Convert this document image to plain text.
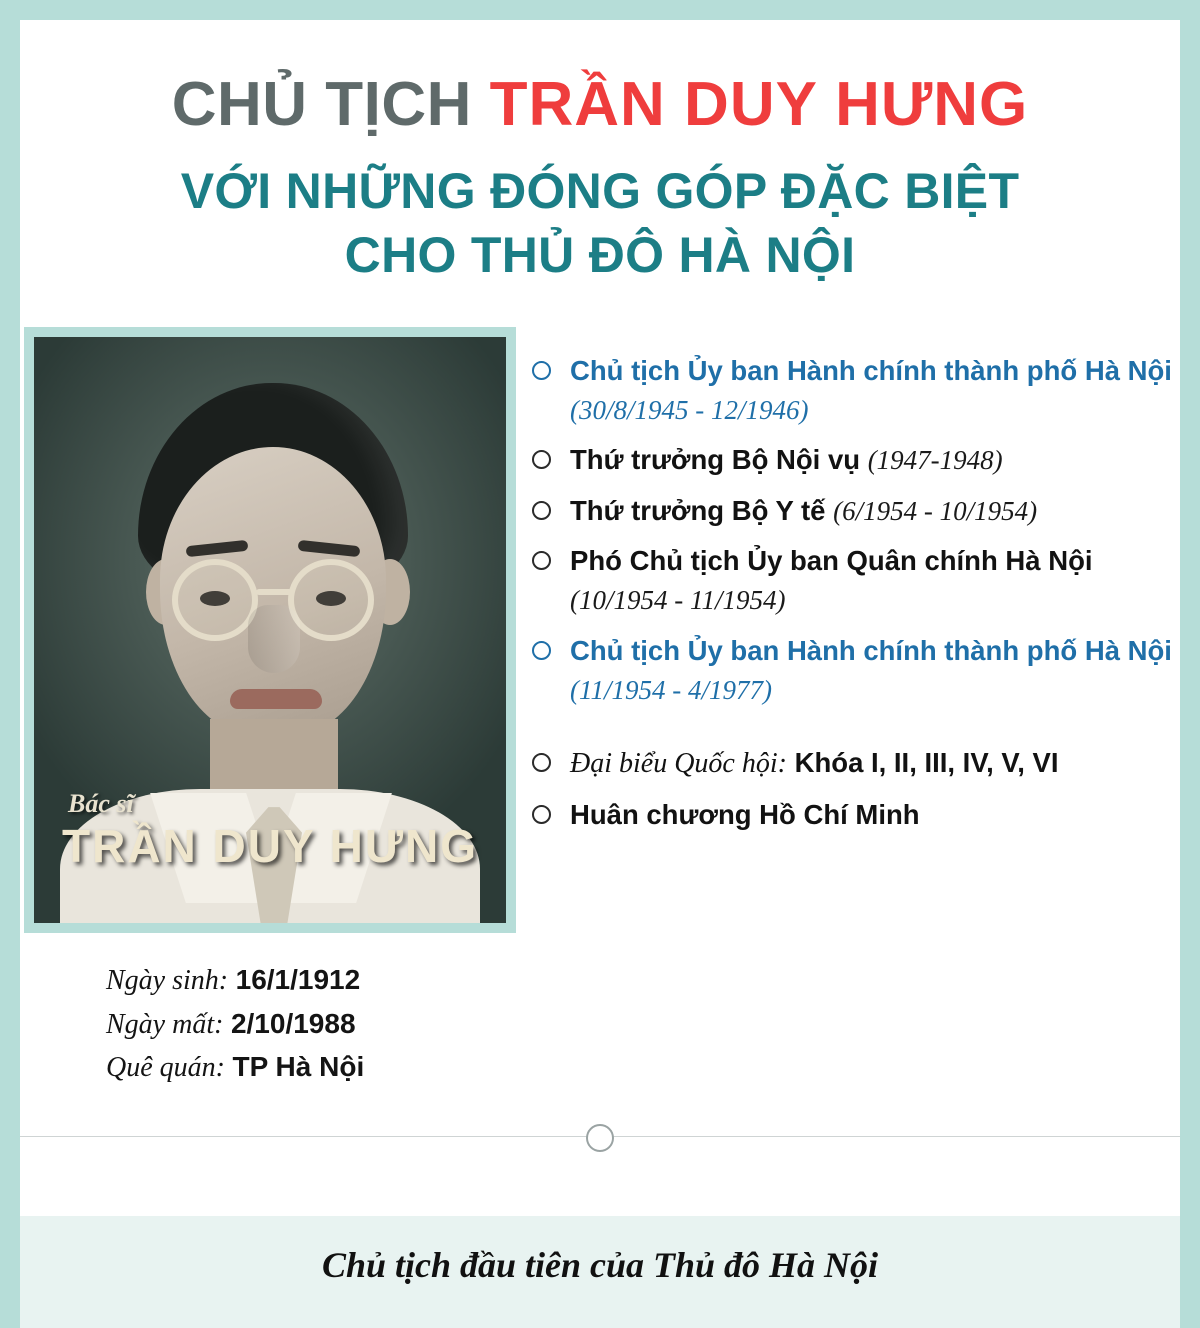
CHỦ TỊCH TRẦN DUY HƯNG
VỚI NHỮNG ĐÓNG GÓP ĐẶC BIỆT
CHO THỦ ĐÔ HÀ NỘI
Bác sĩ
TRẦN DUY HƯNG
Ngày sinh: 16/1/1912
Ngày mất: 2/10/1988
Quê quán: TP Hà Nội
Chủ tịch Ủy ban Hành chính thành phố Hà Nội (30/8/1945 - 12/1946)
Thứ trưởng Bộ Nội vụ (1947-1948)
Thứ trưởng Bộ Y tế (6/1954 - 10/1954)
Phó Chủ tịch Ủy ban Quân chính Hà Nội (10/1954 - 11/1954)
Chủ tịch Ủy ban Hành chính thành phố Hà Nội (11/1954 - 4/1977)
Đại biểu Quốc hội: Khóa I, II, III, IV, V, VI
Huân chương Hồ Chí Minh
Chủ tịch đầu tiên của Thủ đô Hà Nội
